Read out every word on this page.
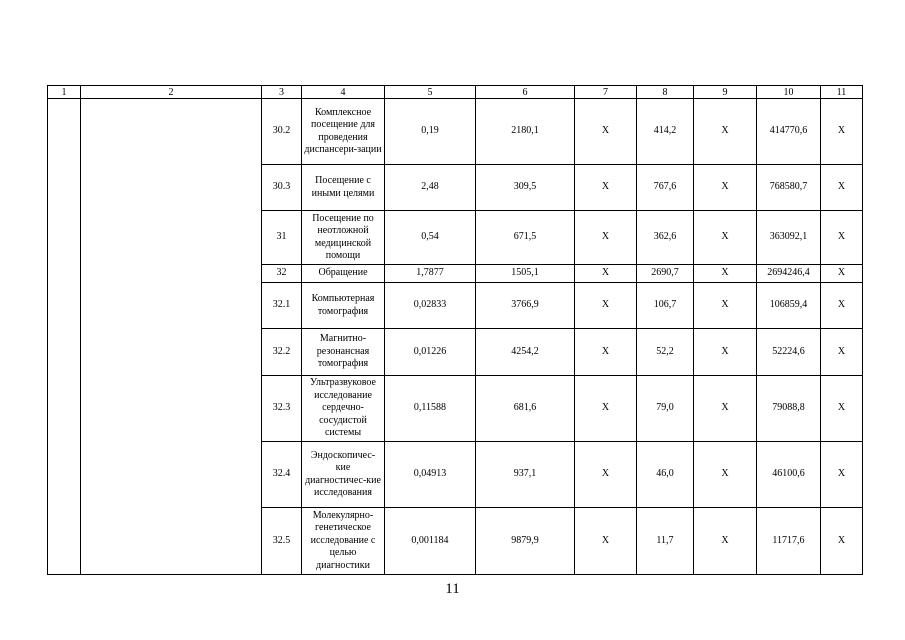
1	2	3	4	5	6	7	8	9	10	11
		30.2	Комплексное посещение для проведения диспансери-зации	0,19	2180,1	X	414,2	X	414770,6	X
		30.3	Посещение с иными целями	2,48	309,5	X	767,6	X	768580,7	X
		31	Посещение по неотложной медицинской помощи	0,54	671,5	X	362,6	X	363092,1	X
		32	Обращение	1,7877	1505,1	X	2690,7	X	2694246,4	X
		32.1	Компьютерная томография	0,02833	3766,9	X	106,7	X	106859,4	X
		32.2	Магнитно-резонансная томография	0,01226	4254,2	X	52,2	X	52224,6	X
		32.3	Ультразвуковое исследование сердечно-сосудистой системы	0,11588	681,6	X	79,0	X	79088,8	X
		32.4	Эндоскопичес-кие диагностичес-кие исследования	0,04913	937,1	X	46,0	X	46100,6	X
		32.5	Молекулярно-генетическое исследование с целью диагностики	0,001184	9879,9	X	11,7	X	11717,6	X
11
